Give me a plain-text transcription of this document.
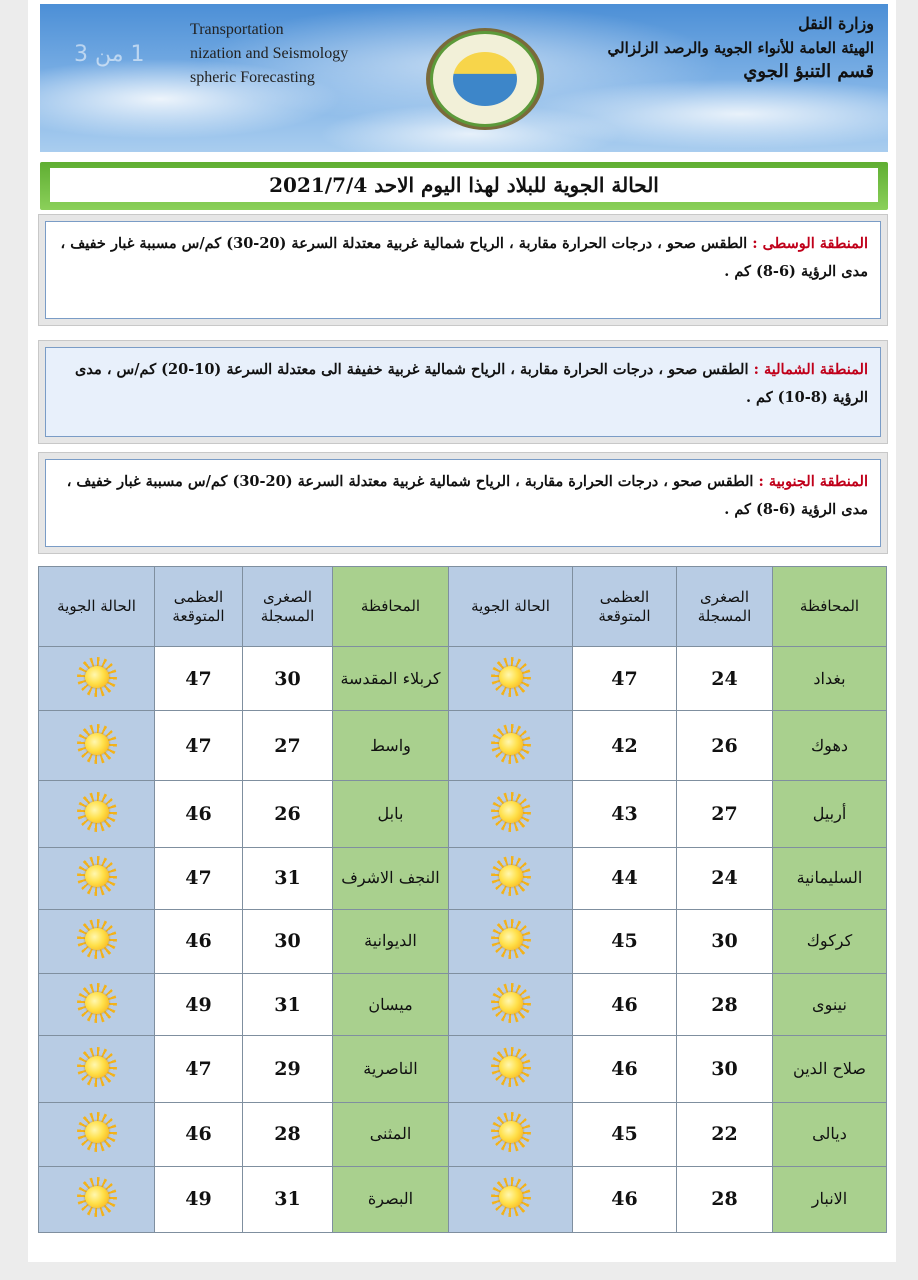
1 من 3
Transportation
nization and Seismology
spheric Forecasting
وزارة النقل
الهيئة العامة للأنواء الجوية والرصد الزلزالي
قسم التنبؤ الجوي
الحالة الجوية للبلاد لهذا اليوم الاحد 2021/7/4
المنطقة الوسطى : الطقس صحو ، درجات الحرارة مقاربة ، الرياح شمالية غربية معتدلة السرعة (20-30) كم/س مسببة غبار خفيف ، مدى الرؤية (6-8) كم .
المنطقة الشمالية : الطقس صحو ، درجات الحرارة مقاربة ، الرياح شمالية غربية خفيفة الى معتدلة السرعة (10-20) كم/س ، مدى الرؤية (8-10) كم .
المنطقة الجنوبية : الطقس صحو ، درجات الحرارة مقاربة ، الرياح شمالية غربية معتدلة السرعة (20-30) كم/س مسببة غبار خفيف ، مدى الرؤية (6-8) كم .
المحافظة	الصغرى المسجلة	العظمى المتوقعة	الحالة الجوية	المحافظة	الصغرى المسجلة	العظمى المتوقعة	الحالة الجوية
بغداد	24	47		كربلاء المقدسة	30	47	

دهوك	26	42		واسط	27	47	

أربيل	27	43		بابل	26	46	

السليمانية	24	44		النجف الاشرف	31	47	

كركوك	30	45		الديوانية	30	46	

نينوى	28	46		ميسان	31	49	

صلاح الدين	30	46		الناصرية	29	47	

ديالى	22	45		المثنى	28	46	

الانبار	28	46		البصرة	31	49	
